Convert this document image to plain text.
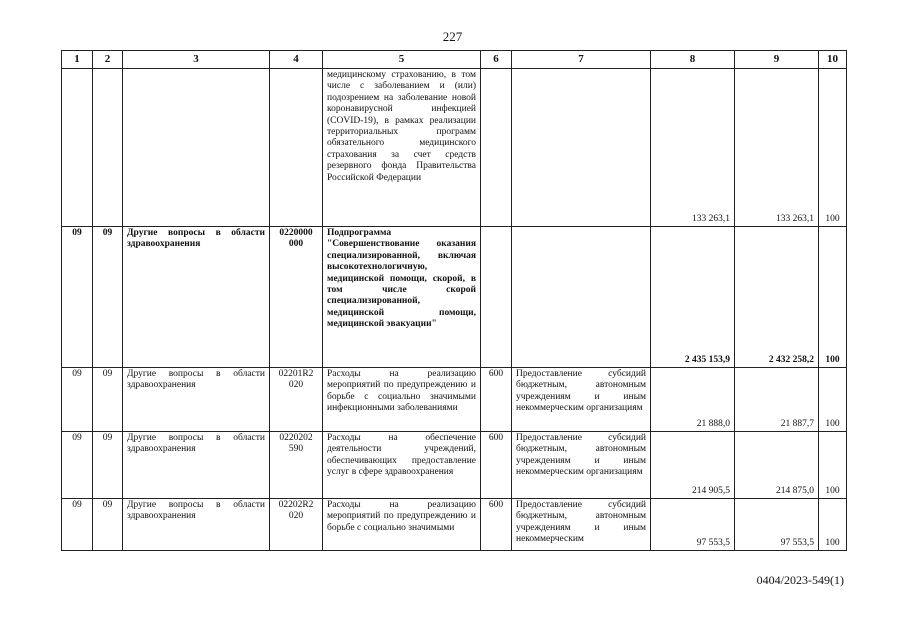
227
1	2	3	4	5	6	7	8	9	10
				медицинскому страхованию, в том числе с заболеванием и (или) подозрением на заболевание новой коронавирусной инфекцией (COVID-19), в рамках реализации территориальных программ обязательного медицинского страхования за счет средств резервного фонда Правительства Российской Федерации			133 263,1	133 263,1	100
09	09	Другие вопросы в области здравоохранения	0220000 000	Подпрограмма "Совершенствование оказания специализированной, включая высокотехнологичную, медицинской помощи, скорой, в том числе скорой специализированной, медицинской помощи, медицинской эвакуации"			2 435 153,9	2 432 258,2	100
09	09	Другие вопросы в области здравоохранения	02201R2 020	Расходы на реализацию мероприятий по предупреждению и борьбе с социально значимыми инфекционными заболеваниями	600	Предоставление субсидий бюджетным, автономным учреждениям и иным некоммерческим организациям	21 888,0	21 887,7	100
09	09	Другие вопросы в области здравоохранения	0220202 590	Расходы на обеспечение деятельности учреждений, обеспечивающих предоставление услуг в сфере здравоохранения	600	Предоставление субсидий бюджетным, автономным учреждениям и иным некоммерческим организациям	214 905,5	214 875,0	100
09	09	Другие вопросы в области здравоохранения	02202R2 020	Расходы на реализацию мероприятий по предупреждению и борьбе с социально значимыми	600	Предоставление субсидий бюджетным, автономным учреждениям и иным некоммерческим	97 553,5	97 553,5	100
0404/2023-549(1)
